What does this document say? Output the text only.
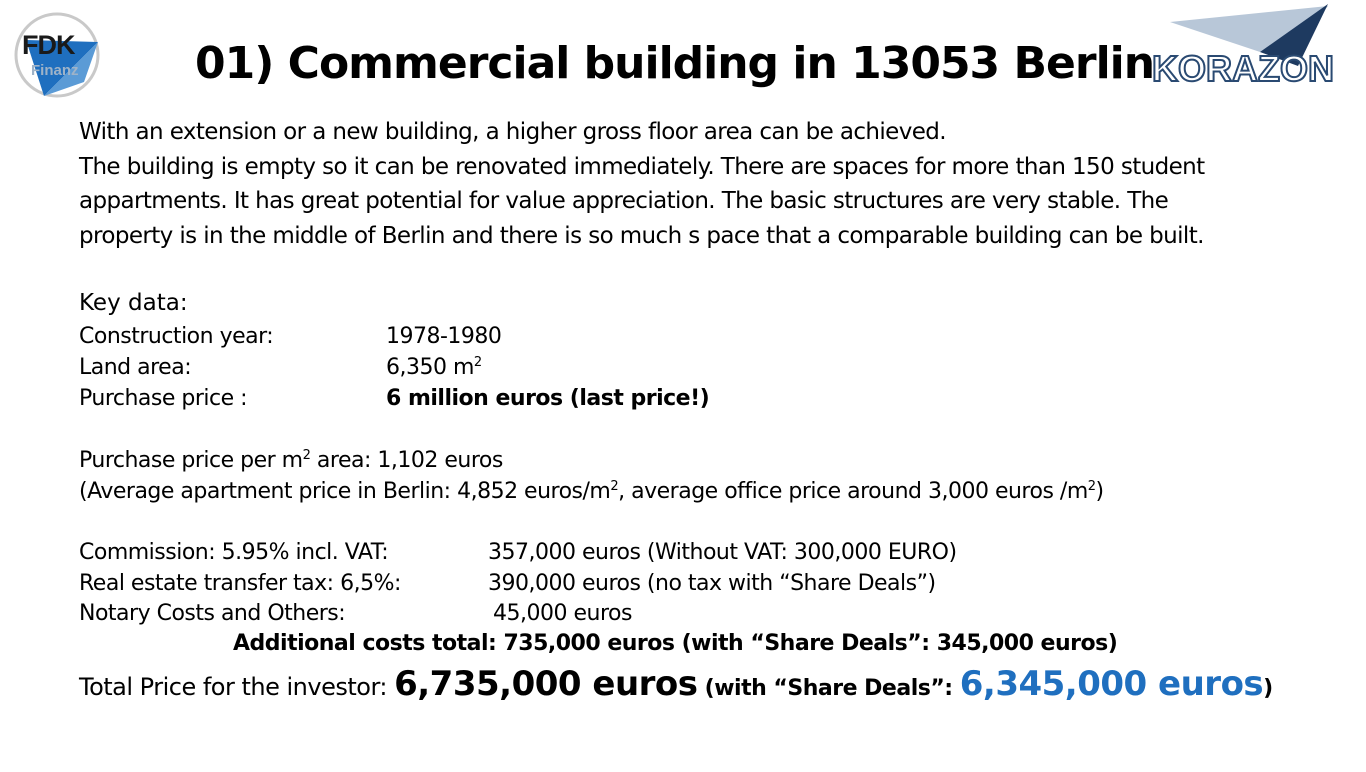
FDK
Finanz	KORAZON
01) Commercial building in 13053 Berlin
With an extension or a new building, a higher gross floor area can be achieved.
The building is empty so it can be renovated immediately. There are spaces for more than 150 student
appartments. It has great potential for value appreciation. The basic structures are very stable. The
property is in the middle of Berlin and there is so much s pace that a comparable building can be built.
Key data:
Construction year:	1978-1980
Land area:	6,350 $m^2$
Purchase price :	6 million euros (last price!)
Purchase price per $m^2$ area: 1,102 euros
(Average apartment price in Berlin: 4,852 euros/$m^2$, average office price around 3,000 euros $/m^2$)
Commission: 5.95% incl. VAT:	357,000 euros (Without VAT: 300,000 EURO)
Real estate transfer tax: 6,5%:	390,000 euros (no tax with “Share Deals”)
Notary Costs and Others:	45,000 euros
Additional costs total: 735,000 euros (with “Share Deals”: 345,000 euros)
Total Price for the investor: 6,735,000 euros (with “Share Deals”: 6,345,000 euros)
